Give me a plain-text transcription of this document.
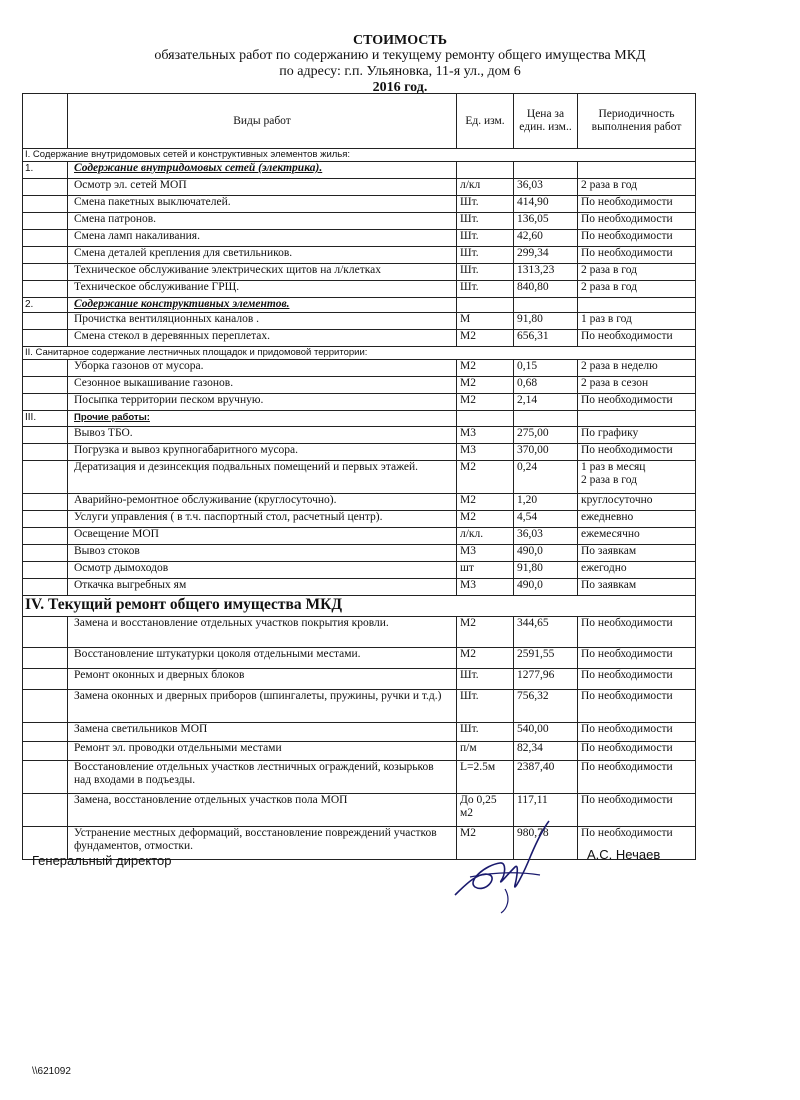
СТОИМОСТЬ
обязательных работ по содержанию и текущему ремонту общего имущества МКД
по адресу: г.п. Ульяновка, 11-я ул., дом 6
2016 год.
	Виды работ	Ед. изм.	Цена за един. изм..	Периодичность выполнения работ
I. Содержание внутридомовых сетей и конструктивных элементов жилья:				
1.	Содержание внутридомовых сетей (электрика).			
	Осмотр эл. сетей МОП	л/кл	36,03	2 раза в год
	Смена пакетных выключателей.	Шт.	414,90	По необходимости
	Смена патронов.	Шт.	136,05	По необходимости
	Смена ламп накаливания.	Шт.	42,60	По необходимости
	Смена деталей крепления для светильников.	Шт.	299,34	По необходимости
	Техническое обслуживание электрических щитов на л/клетках	Шт.	1313,23	2 раза в год
	Техническое обслуживание ГРЩ.	Шт.	840,80	2 раза в год
2.	Содержание конструктивных элементов.			
	Прочистка вентиляционных каналов .	М	91,80	1 раз в год
	Смена стекол в деревянных переплетах.	М2	656,31	По необходимости
II. Санитарное содержание лестничных площадок и придомовой территории:				
	Уборка газонов от мусора.	М2	0,15	2 раза в неделю
	Сезонное выкашивание газонов.	М2	0,68	2 раза в сезон
	Посыпка территории песком вручную.	М2	2,14	По необходимости
III.	Прочие работы:			
	Вывоз ТБО.	М3	275,00	По графику
	Погрузка и вывоз крупногабаритного мусора.	М3	370,00	По необходимости
	Дератизация и дезинсекция подвальных помещений и первых этажей.	М2	0,24	1 раз в месяц
2 раза в год
	Аварийно-ремонтное обслуживание (круглосуточно).	М2	1,20	круглосуточно
	Услуги управления ( в т.ч. паспортный стол, расчетный центр).	М2	4,54	ежедневно
	Освещение МОП	л/кл.	36,03	ежемесячно
	Вывоз стоков	М3	490,0	По заявкам
	Осмотр дымоходов	шт	91,80	ежегодно
	Откачка выгребных ям	М3	490,0	По заявкам
IV. Текущий ремонт общего имущества МКД				
	Замена и восстановление отдельных участков покрытия кровли.	М2	344,65	По необходимости
	Восстановление штукатурки цоколя отдельными местами.	М2	2591,55	По необходимости
	Ремонт оконных и дверных блоков	Шт.	1277,96	По необходимости
	Замена оконных и дверных приборов (шпингалеты, пружины, ручки и т.д.)	Шт.	756,32	По необходимости
	Замена светильников МОП	Шт.	540,00	По необходимости
	Ремонт эл. проводки отдельными местами	п/м	82,34	По необходимости
	Восстановление отдельных участков лестничных ограждений, козырьков над входами в подъезды.	L=2.5м	2387,40	По необходимости
	Замена, восстановление отдельных участков пола МОП	До 0,25 м2	117,11	По необходимости
	Устранение местных деформаций, восстановление повреждений участков фундаментов, отмостки.	М2	980,78	По необходимости
Генеральный директор	А.С. Нечаев
\\621092
